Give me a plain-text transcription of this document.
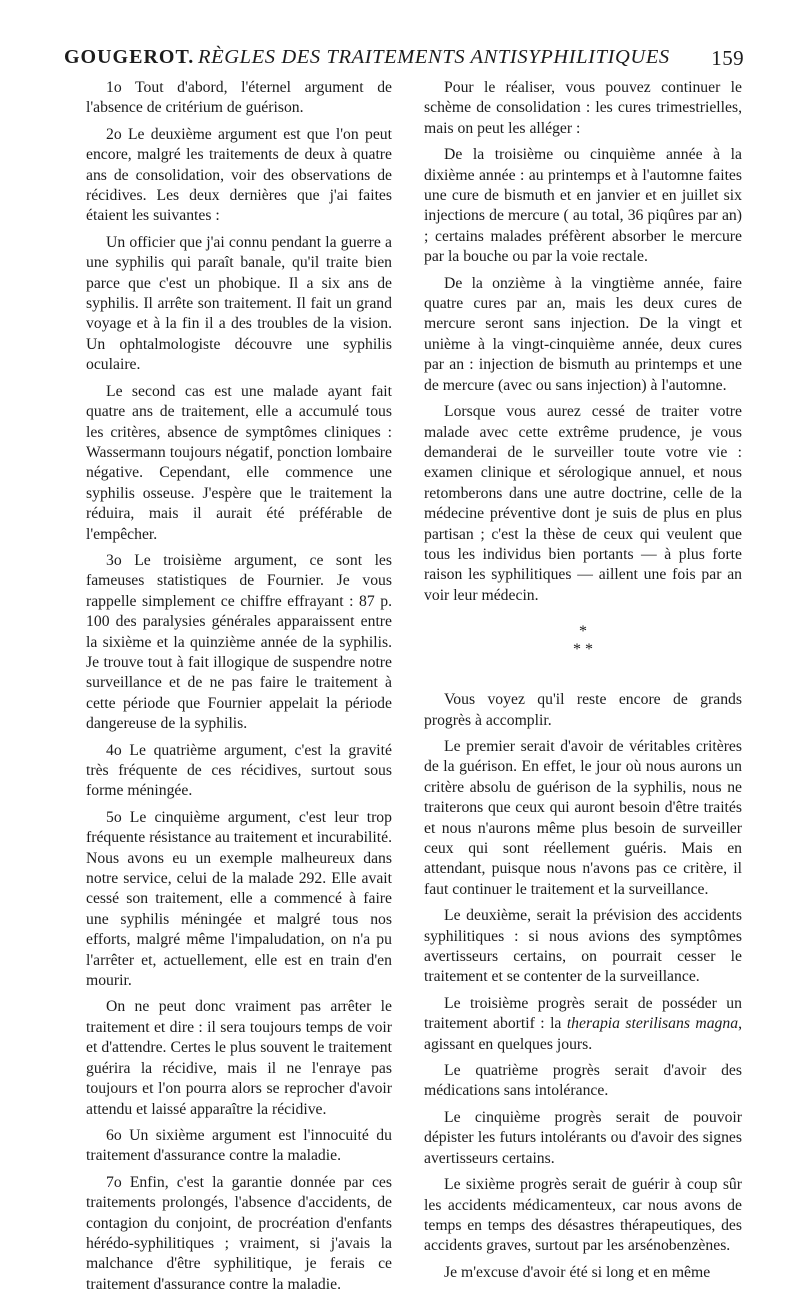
GOUGEROT. RÈGLES DES TRAITEMENTS ANTISYPHILITIQUES 159

1o Tout d'abord, l'éternel argument de l'absence de critérium de guérison.

2o Le deuxième argument est que l'on peut encore, malgré les traitements de deux à quatre ans de consolidation, voir des observations de récidives. Les deux dernières que j'ai faites étaient les suivantes :

Un officier que j'ai connu pendant la guerre a une syphilis qui paraît banale, qu'il traite bien parce que c'est un phobique. Il a six ans de syphilis. Il arrête son traitement. Il fait un grand voyage et à la fin il a des troubles de la vision. Un ophtalmologiste découvre une syphilis oculaire.

Le second cas est une malade ayant fait quatre ans de traitement, elle a accumulé tous les critères, absence de symptômes cliniques : Wassermann toujours négatif, ponction lombaire négative. Cependant, elle commence une syphilis osseuse. J'espère que le traitement la réduira, mais il aurait été préférable de l'empêcher.

3o Le troisième argument, ce sont les fameuses statistiques de Fournier. Je vous rappelle simplement ce chiffre effrayant : 87 p. 100 des paralysies générales apparaissent entre la sixième et la quinzième année de la syphilis. Je trouve tout à fait illogique de suspendre notre surveillance et de ne pas faire le traitement à cette période que Fournier appelait la période dangereuse de la syphilis.

4o Le quatrième argument, c'est la gravité très fréquente de ces récidives, surtout sous forme méningée.

5o Le cinquième argument, c'est leur trop fréquente résistance au traitement et incurabilité. Nous avons eu un exemple malheureux dans notre service, celui de la malade 292. Elle avait cessé son traitement, elle a commencé à faire une syphilis méningée et malgré tous nos efforts, malgré même l'impaludation, on n'a pu l'arrêter et, actuellement, elle est en train d'en mourir.

On ne peut donc vraiment pas arrêter le traitement et dire : il sera toujours temps de voir et d'attendre. Certes le plus souvent le traitement guérira la récidive, mais il ne l'enraye pas toujours et l'on pourra alors se reprocher d'avoir attendu et laissé apparaître la récidive.

6o Un sixième argument est l'innocuité du traitement d'assurance contre la maladie.

7o Enfin, c'est la garantie donnée par ces traitements prolongés, l'absence d'accidents, de contagion du conjoint, de procréation d'enfants hérédo-syphilitiques ; vraiment, si j'avais la malchance d'être syphilitique, je ferais ce traitement d'assurance contre la maladie.

Pour le réaliser, vous pouvez continuer le schème de consolidation : les cures trimestrielles, mais on peut les alléger :

De la troisième ou cinquième année à la dixième année : au printemps et à l'automne faites une cure de bismuth et en janvier et en juillet six injections de mercure ( au total, 36 piqûres par an) ; certains malades préfèrent absorber le mercure par la bouche ou par la voie rectale.

De la onzième à la vingtième année, faire quatre cures par an, mais les deux cures de mercure seront sans injection. De la vingt et unième à la vingt-cinquième année, deux cures par an : injection de bismuth au printemps et une de mercure (avec ou sans injection) à l'automne.

Lorsque vous aurez cessé de traiter votre malade avec cette extrême prudence, je vous demanderai de le surveiller toute votre vie : examen clinique et sérologique annuel, et nous retomberons dans une autre doctrine, celle de la médecine préventive dont je suis de plus en plus partisan ; c'est la thèse de ceux qui veulent que tous les individus bien portants — à plus forte raison les syphilitiques — aillent une fois par an voir leur médecin.

*
* *

Vous voyez qu'il reste encore de grands progrès à accomplir.

Le premier serait d'avoir de véritables critères de la guérison. En effet, le jour où nous aurons un critère absolu de guérison de la syphilis, nous ne traiterons que ceux qui auront besoin d'être traités et nous n'aurons même plus besoin de surveiller ceux qui sont réellement guéris. Mais en attendant, puisque nous n'avons pas ce critère, il faut continuer le traitement et la surveillance.

Le deuxième, serait la prévision des accidents syphilitiques : si nous avions des symptômes avertisseurs certains, on pourrait cesser le traitement et se contenter de la surveillance.

Le troisième progrès serait de posséder un traitement abortif : la therapia sterilisans magna, agissant en quelques jours.

Le quatrième progrès serait d'avoir des médications sans intolérance.

Le cinquième progrès serait de pouvoir dépister les futurs intolérants ou d'avoir des signes avertisseurs certains.

Le sixième progrès serait de guérir à coup sûr les accidents médicamenteux, car nous avons de temps en temps des désastres thérapeutiques, des accidents graves, surtout par les arsénobenzènes.

Je m'excuse d'avoir été si long et en même
